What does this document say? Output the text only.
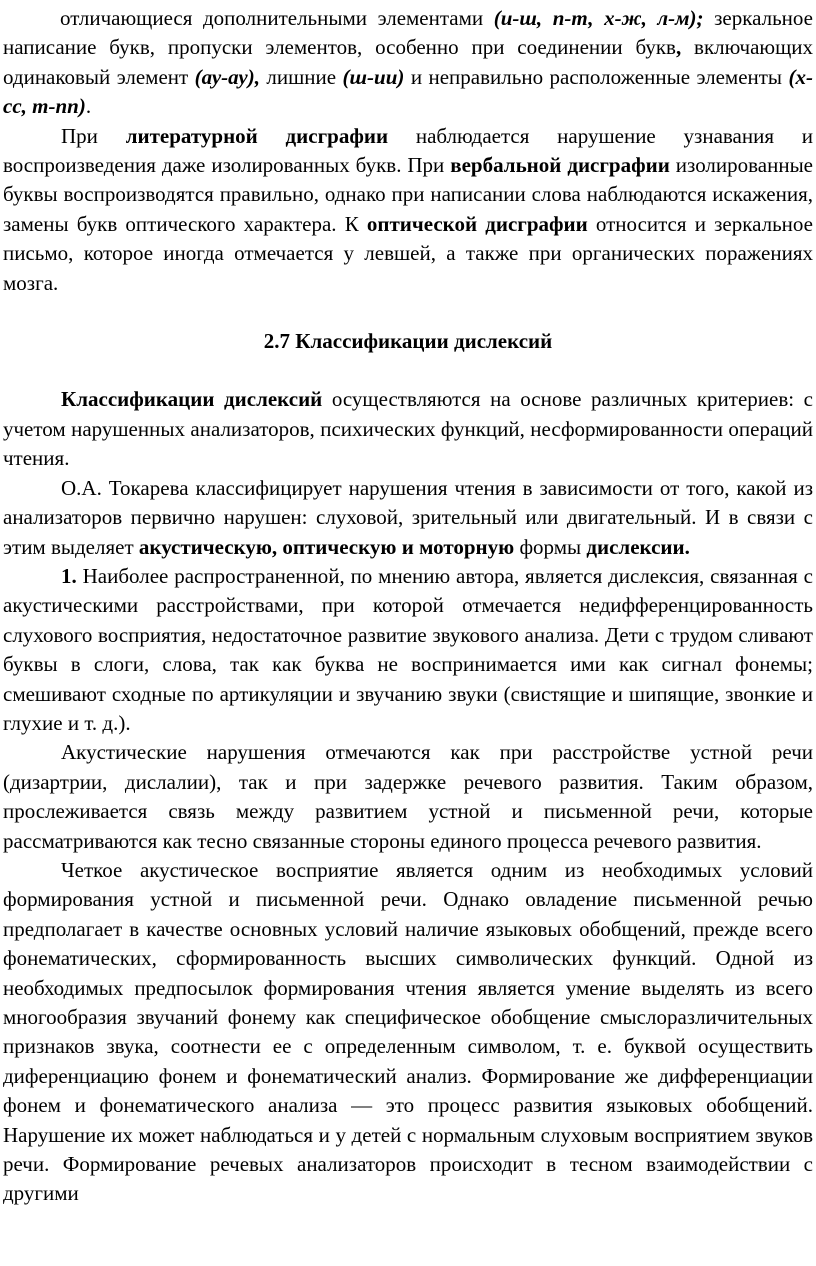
отличающиеся дополнительными элементами (и-ш, п-т, х-ж, л-м); зеркальное написание букв, пропуски элементов, особенно при соединении букв, включающих одинаковый элемент (ау-ау), лишние (ш-ии) и неправильно расположенные элементы (х-сс, т-пп).

При литературной дисграфии наблюдается нарушение узнавания и воспроизведения даже изолированных букв. При вербальной дисграфии изолированные буквы воспроизводятся правильно, однако при написании слова наблюдаются искажения, замены букв оптического характера. К оптической дисграфии относится и зеркальное письмо, которое иногда отмечается у левшей, а также при органических поражениях мозга.

2.7 Классификации дислексий

Классификации дислексий осуществляются на основе различных критериев: с учетом нарушенных анализаторов, психических функций, несформированности операций чтения.

О.А. Токарева классифицирует нарушения чтения в зависимости от того, какой из анализаторов первично нарушен: слуховой, зрительный или двигательный. И в связи с этим выделяет акустическую, оптическую и моторную формы дислексии.

1. Наиболее распространенной, по мнению автора, является дислексия, связанная с акустическими расстройствами, при которой отмечается недифференцированность слухового восприятия, недостаточное развитие звукового анализа. Дети с трудом сливают буквы в слоги, слова, так как буква не воспринимается ими как сигнал фонемы; смешивают сходные по артикуляции и звучанию звуки (свистящие и шипящие, звонкие и глухие и т. д.).

Акустические нарушения отмечаются как при расстройстве устной речи (дизартрии, дислалии), так и при задержке речевого развития. Таким образом, прослеживается связь между развитием устной и письменной речи, которые рассматриваются как тесно связанные стороны единого процесса речевого развития.

Четкое акустическое восприятие является одним из необходимых условий формирования устной и письменной речи. Однако овладение письменной речью предполагает в качестве основных условий наличие языковых обобщений, прежде всего фонематических, сформированность высших символических функций. Одной из необходимых предпосылок формирования чтения является умение выделять из всего многообразия звучаний фонему как специфическое обобщение смыслоразличительных признаков звука, соотнести ее с определенным символом, т. е. буквой осуществить диференциацию фонем и фонематический анализ. Формирование же дифференциации фонем и фонематического анализа — это процесс развития языковых обобщений. Нарушение их может наблюдаться и у детей с нормальным слуховым восприятием звуков речи. Формирование речевых анализаторов происходит в тесном взаимодействии с другими
